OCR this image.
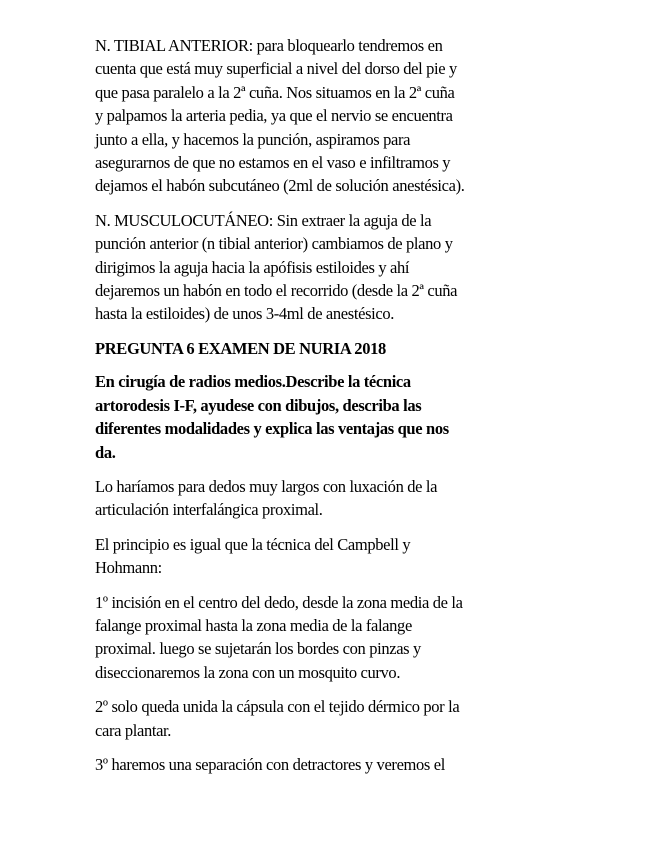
N. TIBIAL ANTERIOR: para bloquearlo tendremos en
cuenta que está muy superficial a nivel del dorso del pie y
que pasa paralelo a la 2ª cuña. Nos situamos en la 2ª cuña
y palpamos la arteria pedia, ya que el nervio se encuentra
junto a ella, y hacemos la punción, aspiramos para
asegurarnos de que no estamos en el vaso e infiltramos y
dejamos el habón subcutáneo (2ml de solución anestésica).

N. MUSCULOCUTÁNEO: Sin extraer la aguja de la
punción anterior (n tibial anterior) cambiamos de plano y
dirigimos la aguja hacia la apófisis estiloides y ahí
dejaremos un habón en todo el recorrido (desde la 2ª cuña
hasta la estiloides) de unos 3-4ml de anestésico.

PREGUNTA 6 EXAMEN DE NURIA 2018

En cirugía de radios medios.Describe la técnica
artorodesis I-F, ayudese con dibujos, describa las
diferentes modalidades y explica las ventajas que nos
da.

Lo haríamos para dedos muy largos con luxación de la
articulación interfalángica proximal.

El principio es igual que la técnica del Campbell y
Hohmann:

1º incisión en el centro del dedo, desde la zona media de la
falange proximal hasta la zona media de la falange
proximal. luego se sujetarán los bordes con pinzas y
diseccionaremos la zona con un mosquito curvo.

2º solo queda unida la cápsula con el tejido dérmico por la
cara plantar.

3º haremos una separación con detractores y veremos el
